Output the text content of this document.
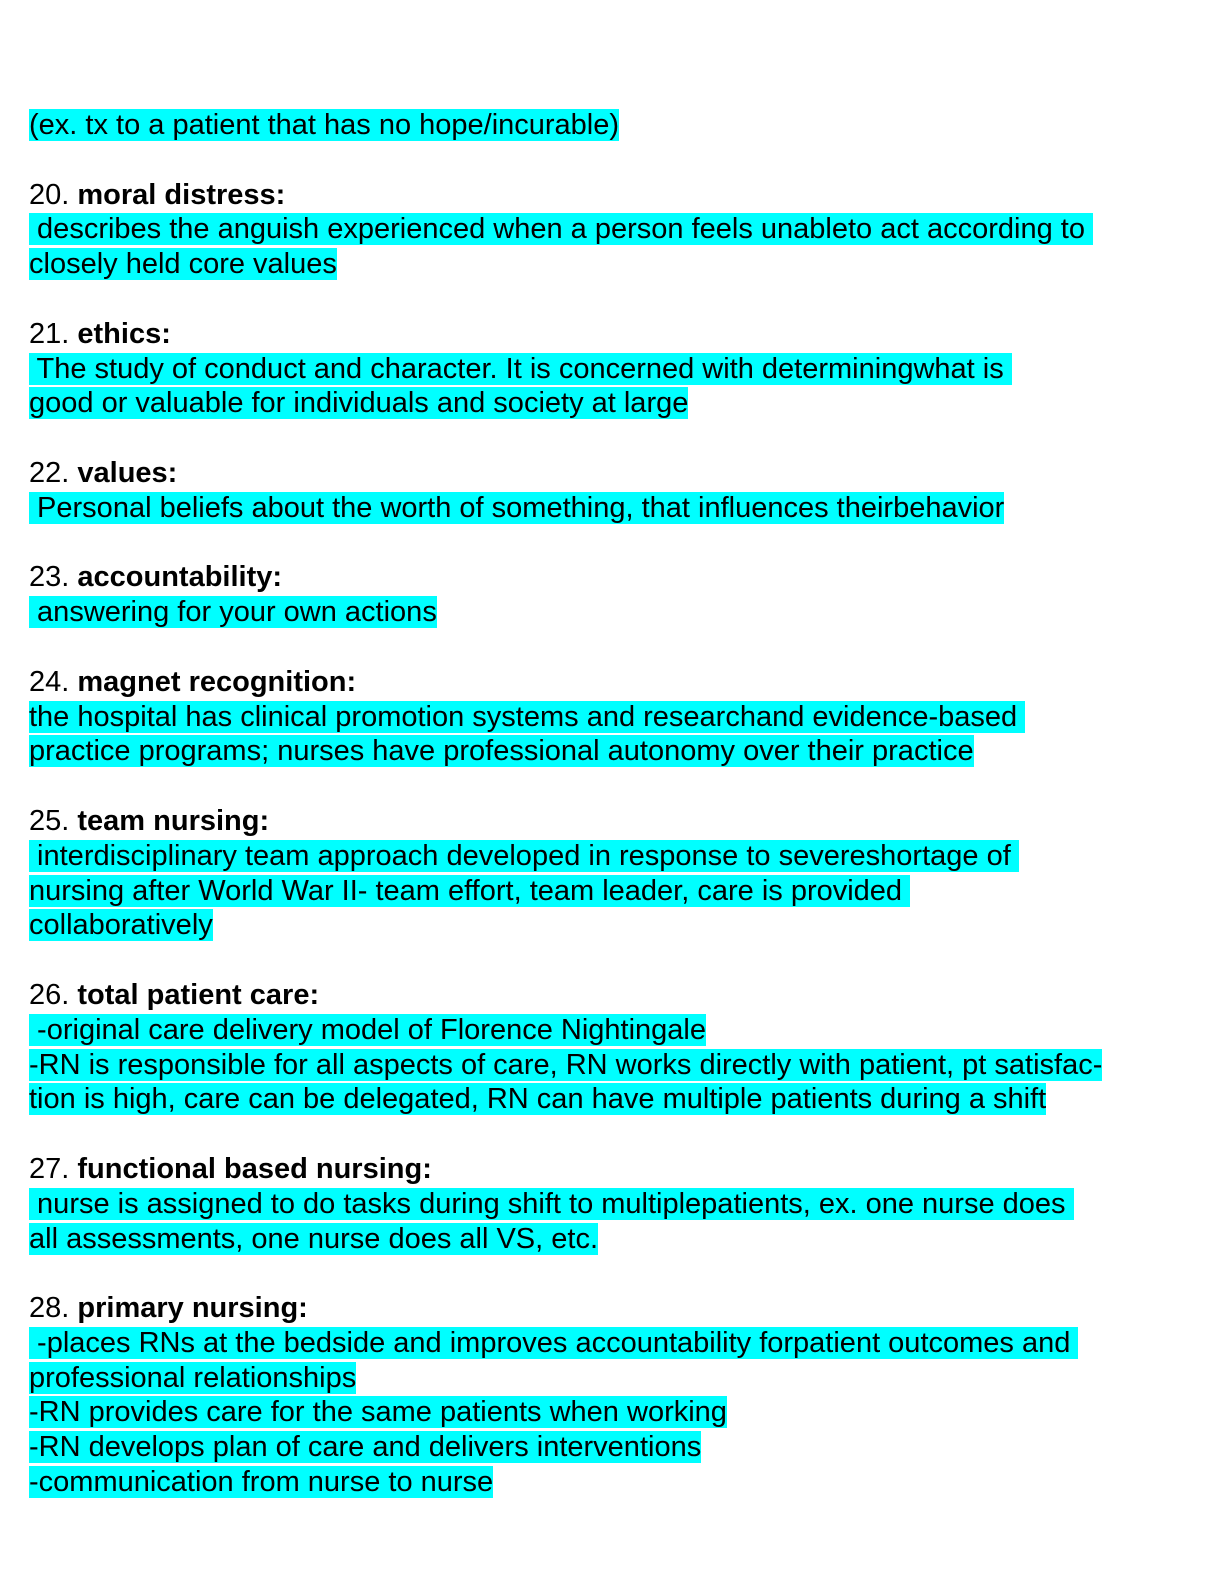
(ex. tx to a patient that has no hope/incurable)
20. moral distress:
describes the anguish experienced when a person feels unableto act according to
closely held core values
21. ethics:
The study of conduct and character. It is concerned with determiningwhat is
good or valuable for individuals and society at large
22. values:
Personal beliefs about the worth of something, that influences theirbehavior
23. accountability:
answering for your own actions
24. magnet recognition:
the hospital has clinical promotion systems and researchand evidence-based
practice programs; nurses have professional autonomy over their practice
25. team nursing:
interdisciplinary team approach developed in response to severeshortage of
nursing after World War II- team effort, team leader, care is provided
collaboratively
26. total patient care:
-original care delivery model of Florence Nightingale
-RN is responsible for all aspects of care, RN works directly with patient, pt satisfac-
tion is high, care can be delegated, RN can have multiple patients during a shift
27. functional based nursing:
nurse is assigned to do tasks during shift to multiplepatients, ex. one nurse does
all assessments, one nurse does all VS, etc.
28. primary nursing:
-places RNs at the bedside and improves accountability forpatient outcomes and
professional relationships
-RN provides care for the same patients when working
-RN develops plan of care and delivers interventions
-communication from nurse to nurse
